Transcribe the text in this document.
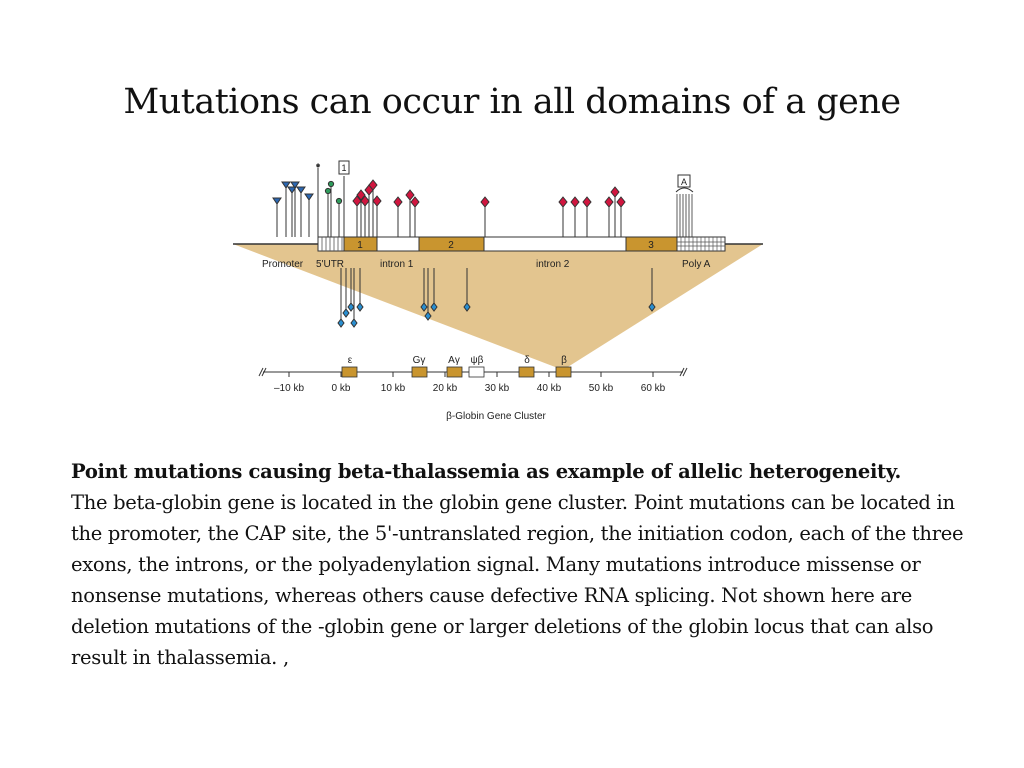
Mutations can occur in all domains of a gene
1	2	3
Promoter 5'UTR	intron 1	intron 2	Poly A
* 1
A
ε	Gγ Aγ ψβ	δ	β
–10 kb	0 kb	10 kb	20 kb	30 kb	40 kb	50 kb	60 kb
β-Globin Gene Cluster
Point mutations causing beta-thalassemia as example of allelic heterogeneity.
The beta-globin gene is located in the globin gene cluster. Point mutations can be located in the promoter, the CAP site, the 5'-untranslated region, the initiation codon, each of the three exons, the introns, or the polyadenylation signal. Many mutations introduce missense or nonsense mutations, whereas others cause defective RNA splicing. Not shown here are deletion mutations of the -globin gene or larger deletions of the globin locus that can also result in thalassemia. ,
